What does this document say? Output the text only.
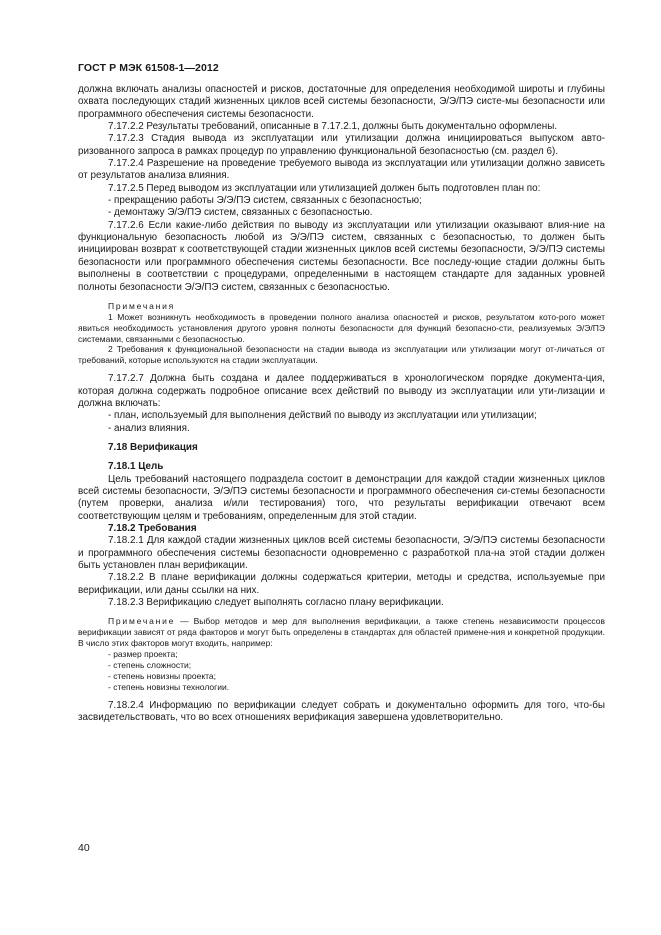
ГОСТ Р МЭК 61508-1—2012

должна включать анализы опасностей и рисков, достаточные для определения необходимой широты и глубины охвата последующих стадий жизненных циклов всей системы безопасности, Э/Э/ПЭ систе-мы безопасности или программного обеспечения системы безопасности.

7.17.2.2 Результаты требований, описанные в 7.17.2.1, должны быть документально оформлены.

7.17.2.3 Стадия вывода из эксплуатации или утилизации должна инициироваться выпуском авто-ризованного запроса в рамках процедур по управлению функциональной безопасностью (см. раздел 6).

7.17.2.4 Разрешение на проведение требуемого вывода из эксплуатации или утилизации должно зависеть от результатов анализа влияния.

7.17.2.5 Перед выводом из эксплуатации или утилизацией должен быть подготовлен план по:

- прекращению работы Э/Э/ПЭ систем, связанных с безопасностью;

- демонтажу Э/Э/ПЭ систем, связанных с безопасностью.

7.17.2.6 Если какие-либо действия по выводу из эксплуатации или утилизации оказывают влия-ние на функциональную безопасность любой из Э/Э/ПЭ систем, связанных с безопасностью, то должен быть инициирован возврат к соответствующей стадии жизненных циклов всей системы безопасности, Э/Э/ПЭ системы безопасности или программного обеспечения системы безопасности. Все последу-ющие стадии должны быть выполнены в соответствии с процедурами, определенными в настоящем стандарте для заданных уровней полноты безопасности Э/Э/ПЭ систем, связанных с безопасностью.

Примечания

1 Может возникнуть необходимость в проведении полного анализа опасностей и рисков, результатом кото-рого может явиться необходимость установления другого уровня полноты безопасности для функций безопасно-сти, реализуемых Э/Э/ПЭ системами, связанными с безопасностью.

2 Требования к функциональной безопасности на стадии вывода из эксплуатации или утилизации могут от-личаться от требований, которые используются на стадии эксплуатации.

7.17.2.7 Должна быть создана и далее поддерживаться в хронологическом порядке документа-ция, которая должна содержать подробное описание всех действий по выводу из эксплуатации или ути-лизации и должна включать:

- план, используемый для выполнения действий по выводу из эксплуатации или утилизации;

- анализ влияния.

7.18 Верификация

7.18.1 Цель

Цель требований настоящего подраздела состоит в демонстрации для каждой стадии жизненных циклов всей системы безопасности, Э/Э/ПЭ системы безопасности и программного обеспечения си-стемы безопасности (путем проверки, анализа и/или тестирования) того, что результаты верификации отвечают всем соответствующим целям и требованиям, определенным для этой стадии.

7.18.2 Требования

7.18.2.1 Для каждой стадии жизненных циклов всей системы безопасности, Э/Э/ПЭ системы безопасности и программного обеспечения системы безопасности одновременно с разработкой пла-на этой стадии должен быть установлен план верификации.

7.18.2.2 В плане верификации должны содержаться критерии, методы и средства, используемые при верификации, или даны ссылки на них.

7.18.2.3 Верификацию следует выполнять согласно плану верификации.

Примечание — Выбор методов и мер для выполнения верификации, а также степень независимости процессов верификации зависят от ряда факторов и могут быть определены в стандартах для областей примене-ния и конкретной продукции. В число этих факторов могут входить, например:

- размер проекта;

- степень сложности;

- степень новизны проекта;

- степень новизны технологии.

7.18.2.4 Информацию по верификации следует собрать и документально оформить для того, что-бы засвидетельствовать, что во всех отношениях верификация завершена удовлетворительно.

40
